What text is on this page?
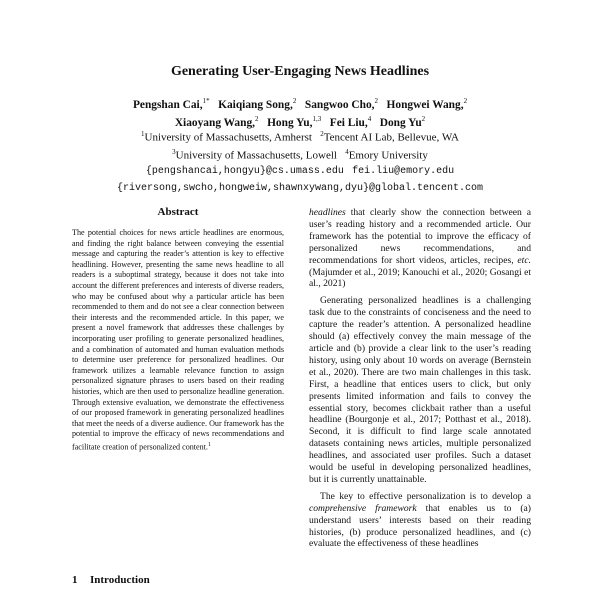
Generating User-Engaging News Headlines
Pengshan Cai,$^{1*}$ Kaiqiang Song,$^2$ Sangwoo Cho,$^2$ Hongwei Wang,$^2$
Xiaoyang Wang,$^2$ Hong Yu,$^{1,3}$ Fei Liu,$^4$ Dong Yu$^2$
$^1$University of Massachusetts, Amherst $^2$Tencent AI Lab, Bellevue, WA
$^3$University of Massachusetts, Lowell $^4$Emory University
{pengshancai,hongyu}@cs.umass.edu fei.liu@emory.edu
{riversong,swcho,hongweiw,shawnxywang,dyu}@global.tencent.com
Abstract
The potential choices for news article headlines are enormous, and finding the right balance between conveying the essential message and capturing the reader’s attention is key to effective headlining. However, presenting the same news headline to all readers is a suboptimal strategy, because it does not take into account the different preferences and interests of diverse readers, who may be confused about why a particular article has been recommended to them and do not see a clear connection between their interests and the recommended article. In this paper, we present a novel framework that addresses these challenges by incorporating user profiling to generate personalized headlines, and a combination of automated and human evaluation methods to determine user preference for personalized headlines. Our framework utilizes a learnable relevance function to assign personalized signature phrases to users based on their reading histories, which are then used to personalize headline generation. Through extensive evaluation, we demonstrate the effectiveness of our proposed framework in generating personalized headlines that meet the needs of a diverse audience. Our framework has the potential to improve the efficacy of news recommendations and facilitate creation of personalized content.$^1$
1 Introduction

headlines that clearly show the connection between a user’s reading history and a recommended article. Our framework has the potential to improve the efficacy of personalized news recommendations, and recommendations for short videos, articles, recipes, etc. (Majumder et al., 2019; Kanouchi et al., 2020; Gosangi et al., 2021)

Generating personalized headlines is a challenging task due to the constraints of conciseness and the need to capture the reader’s attention. A personalized headline should (a) effectively convey the main message of the article and (b) provide a clear link to the user’s reading history, using only about 10 words on average (Bernstein et al., 2020). There are two main challenges in this task. First, a headline that entices users to click, but only presents limited information and fails to convey the essential story, becomes clickbait rather than a useful headline (Bourgonje et al., 2017; Potthast et al., 2018). Second, it is difficult to find large scale annotated datasets containing news articles, multiple personalized headlines, and associated user profiles. Such a dataset would be useful in developing personalized headlines, but it is currently unattainable.

The key to effective personalization is to develop a comprehensive framework that enables us to (a) understand users’ interests based on their reading histories, (b) produce personalized headlines, and (c) evaluate the effectiveness of these headlines
